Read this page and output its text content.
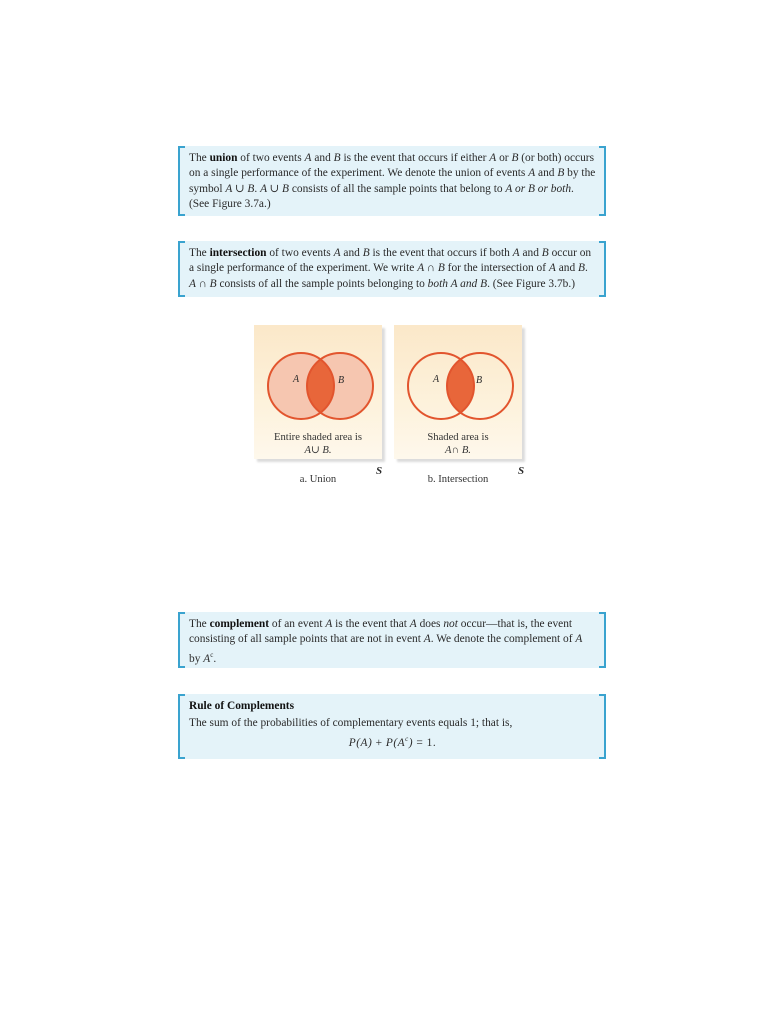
The union of two events A and B is the event that occurs if either A or B (or both) occurs on a single performance of the experiment. We denote the union of events A and B by the symbol A ∪ B. A ∪ B consists of all the sample points that belong to A or B or both. (See Figure 3.7a.)

The intersection of two events A and B is the event that occurs if both A and B occur on a single performance of the experiment. We write A ∩ B for the intersection of A and B. A ∩ B consists of all the sample points belonging to both A and B. (See Figure 3.7b.)

A	B
Entire shaded area is
A∪ B.
S
a. Union
A	B
Shaded area is
A∩ B.
S
b. Intersection

The complement of an event A is the event that A does not occur—that is, the event consisting of all sample points that are not in event A. We denote the complement of A by $A^c$.

Rule of Complements

The sum of the probabilities of complementary events equals 1; that is,

$P(A) + P(A^c) = 1$.
